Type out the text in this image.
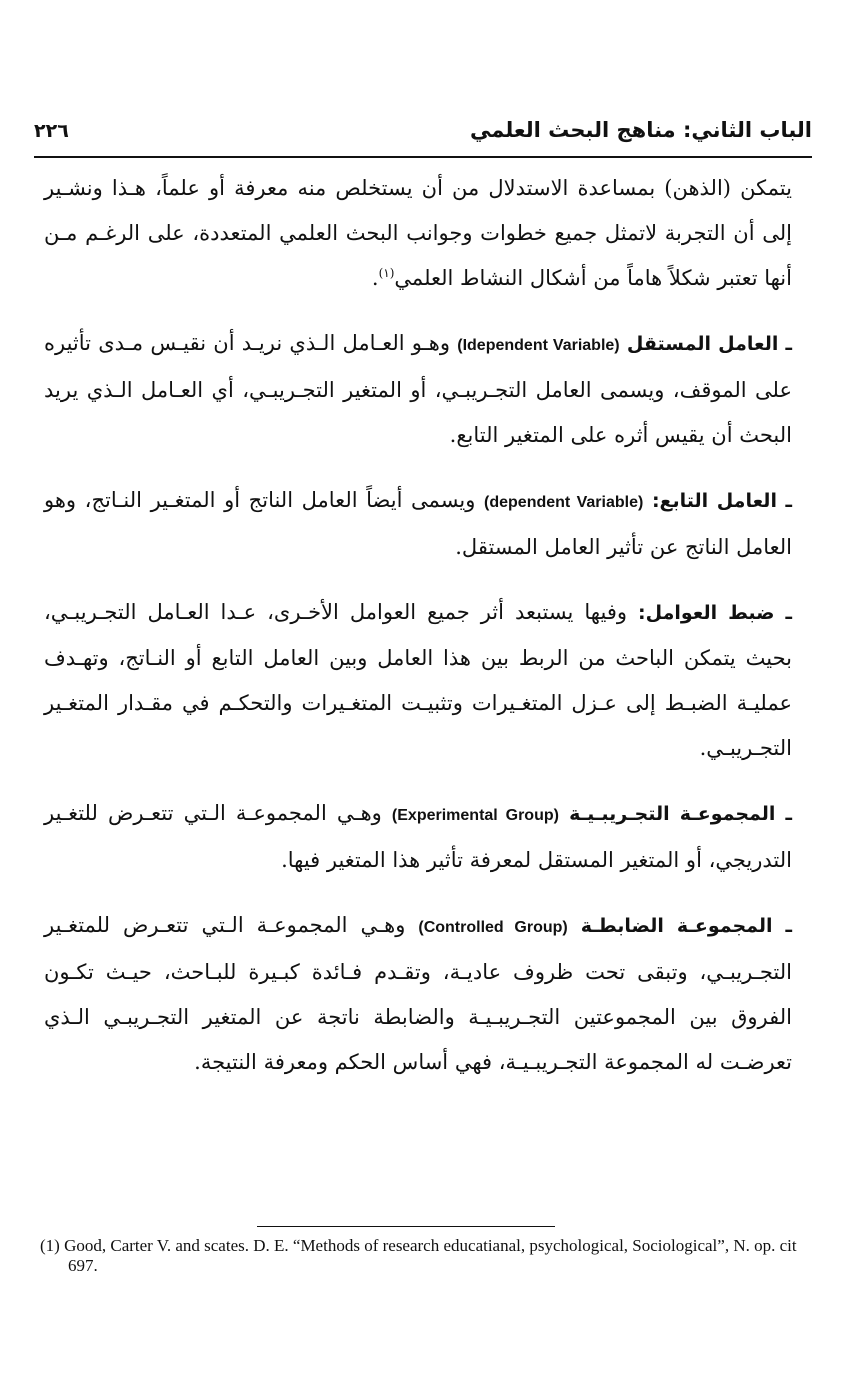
الباب الثاني: مناهج البحث العلمي
٢٢٦

يتمكن (الذهن) بمساعدة الاستدلال من أن يستخلص منه معرفة أو علماً، هـذا ونشـير إلى أن التجربة لاتمثل جميع خطوات وجوانب البحث العلمي المتعددة، على الرغـم مـن أنها تعتبر شكلاً هاماً من أشكال النشاط العلمي$^{(١)}$.

ـ العامل المستقل (Idependent Variable) وهـو العـامل الـذي نريـد أن نقيـس مـدى تأثيره على الموقف، ويسمى العامل التجـريبـي، أو المتغير التجـريبـي، أي العـامل الـذي يريد البحث أن يقيس أثره على المتغير التابع.

ـ العامل التابع: (dependent Variable) ويسمى أيضاً العامل الناتج أو المتغـير النـاتج، وهو العامل الناتج عن تأثير العامل المستقل.

ـ ضبط العوامل: وفيها يستبعد أثر جميع العوامل الأخـرى، عـدا العـامل التجـريبـي، بحيث يتمكن الباحث من الربط بين هذا العامل وبين العامل التابع أو النـاتج، وتهـدف عمليـة الضبـط إلى عـزل المتغـيرات وتثبيـت المتغـيرات والتحكـم في مقـدار المتغـير التجـريبـي.

ـ المجموعـة التجـريبـيـة (Experimental Group) وهـي المجموعـة الـتي تتعـرض للتغـير التدريجي، أو المتغير المستقل لمعرفة تأثير هذا المتغير فيها.

ـ المجموعـة الضابطـة (Controlled Group) وهـي المجموعـة الـتي تتعـرض للمتغـير التجـريبـي، وتبقى تحت ظروف عاديـة، وتقـدم فـائدة كبـيرة للبـاحث، حيـث تكـون الفروق بين المجموعتين التجـريبـيـة والضابطة ناتجة عن المتغير التجـريبـي الـذي تعرضـت له المجموعة التجـريبـيـة، فهي أساس الحكم ومعرفة النتيجة.

(1) Good, Carter V. and scates. D. E. “Methods of research educatianal, psychological, Sociological”, N. op. cit 697.
